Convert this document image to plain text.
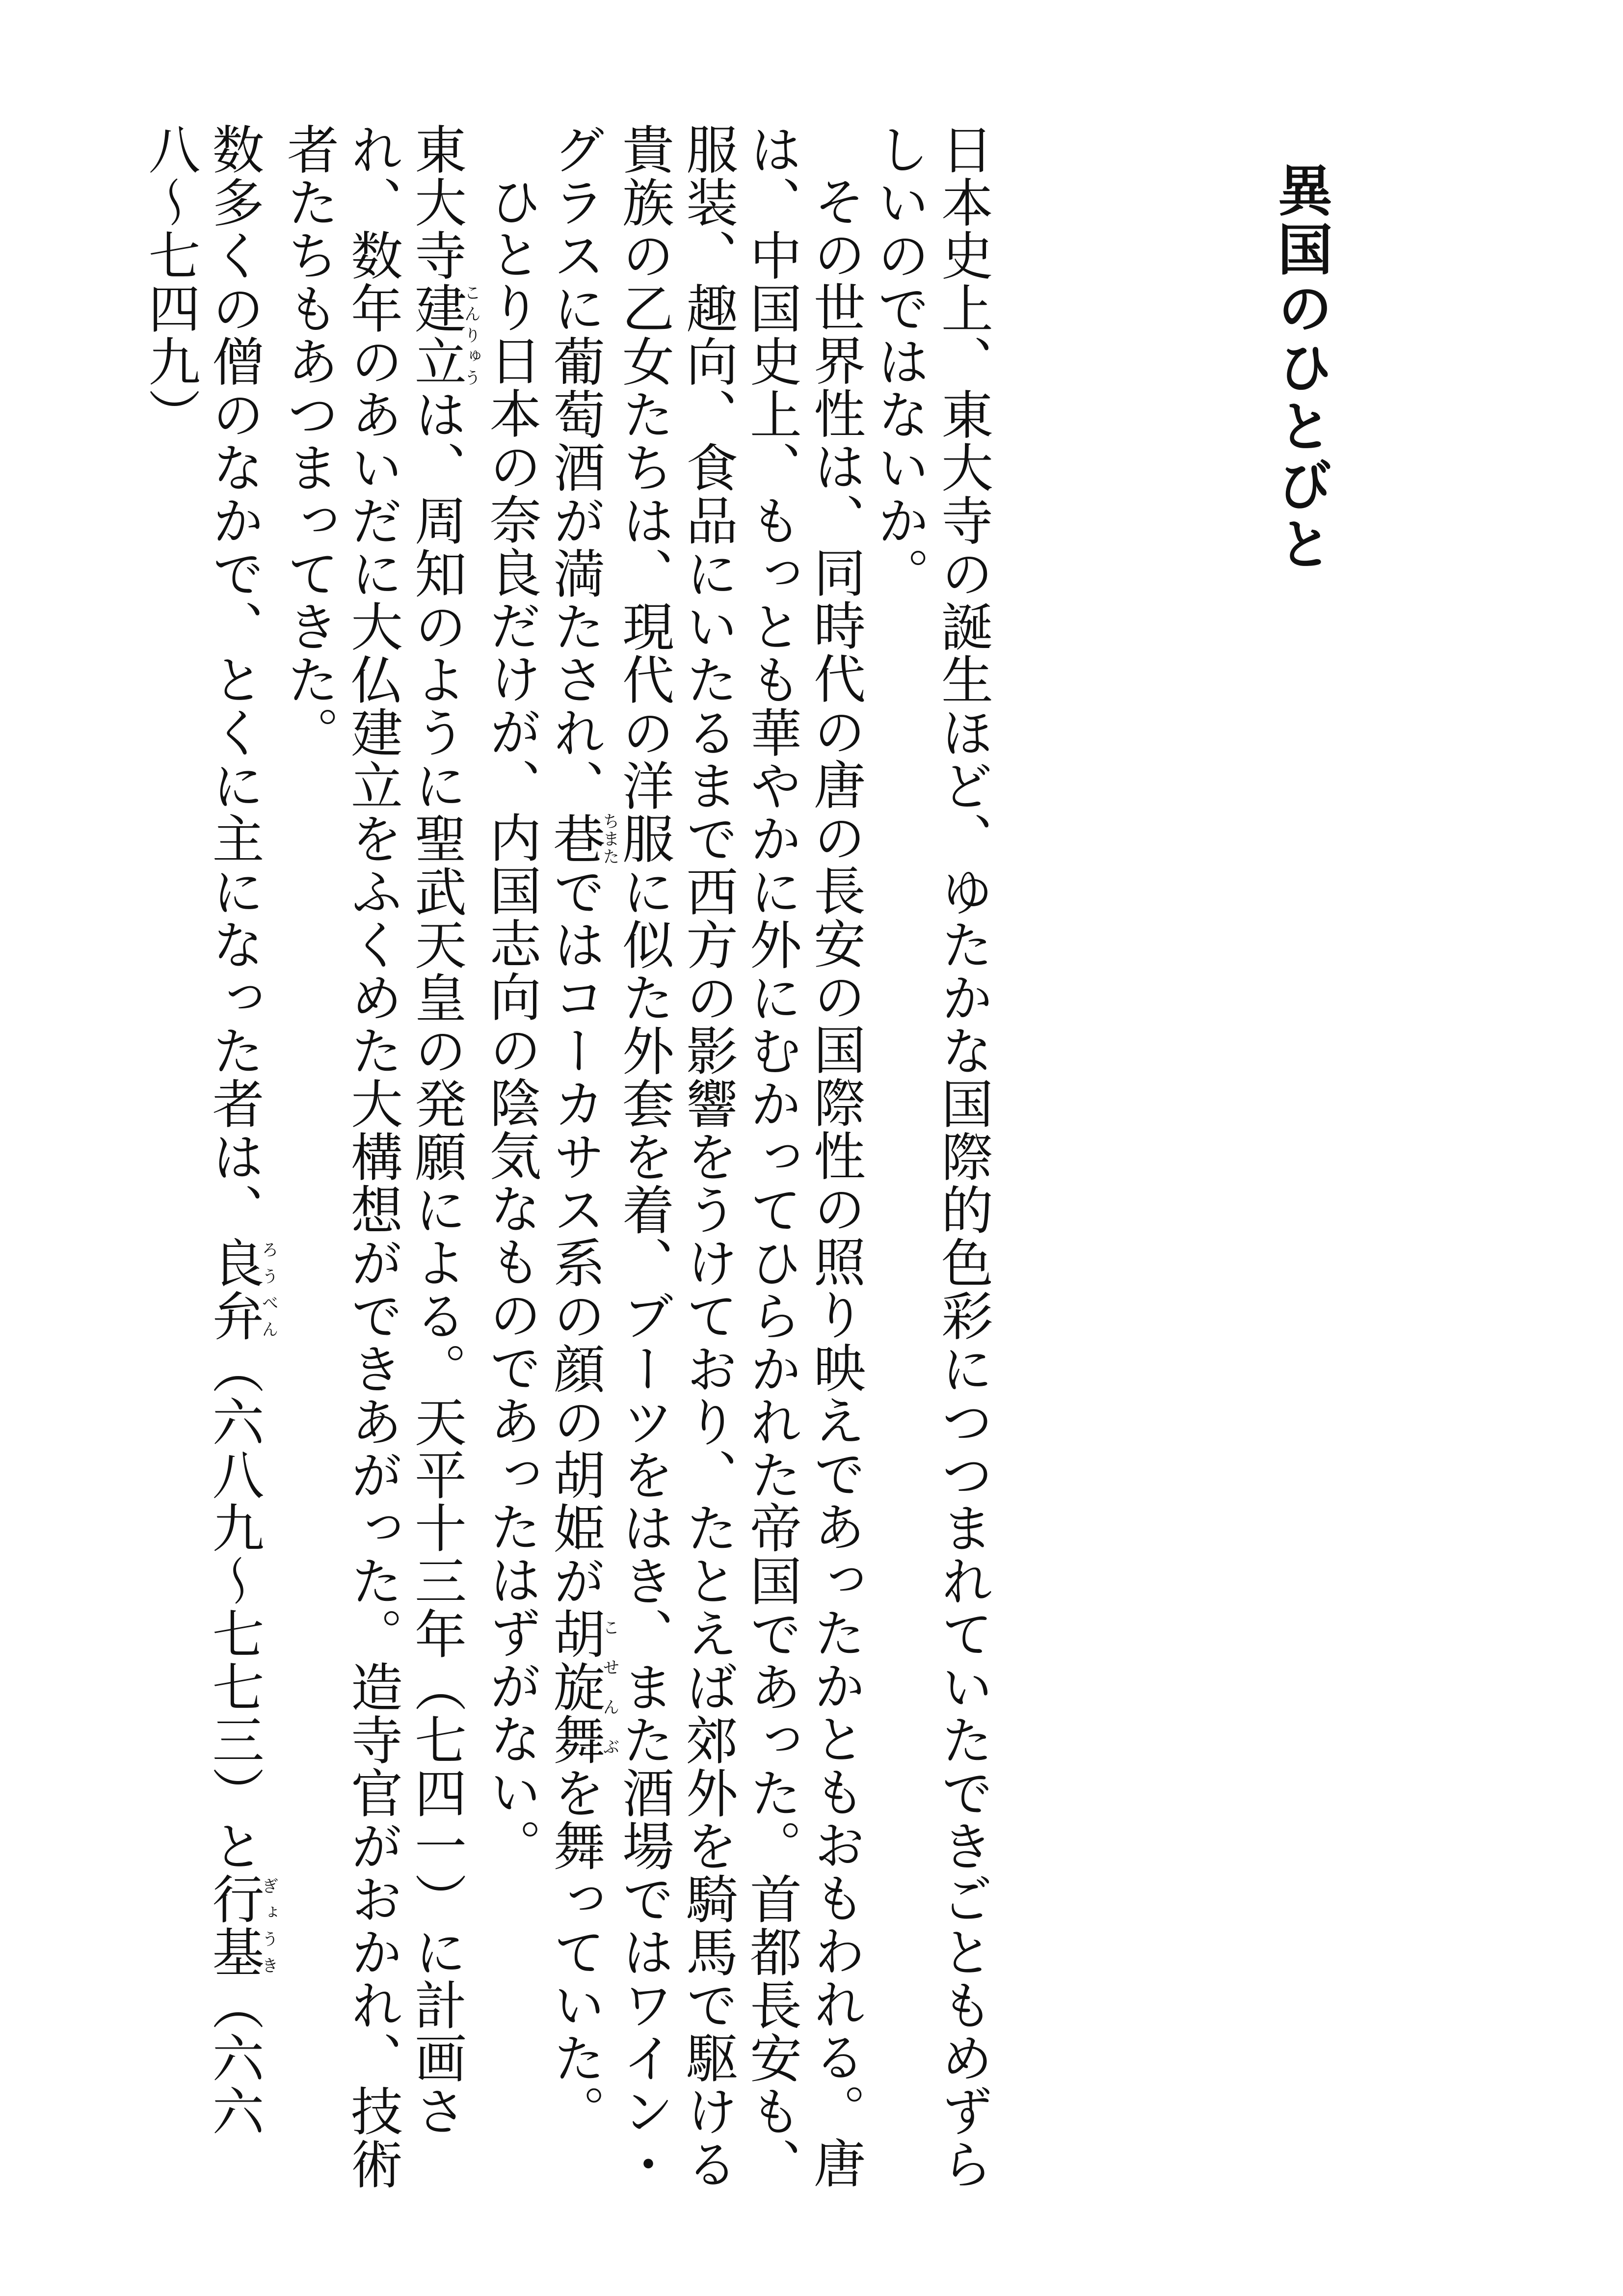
異国のひとびと

日本史上、東大寺の誕生ほど、ゆたかな国際的色彩につつまれていたできごともめずらしいのではないか。

その世界性は、同時代の唐の長安の国際性の照り映えであったかともおもわれる。唐は、中国史上、もっとも華やかに外にむかってひらかれた帝国であった。首都長安も、服装、趣向、食品にいたるまで西方の影響をうけており、たとえば郊外を騎馬で駆ける貴族の乙女たちは、現代の洋服に似た外套を着、ブーツをはき、また酒場ではワイン・グラスに葡萄酒が満たされ、巷ちまたではコーカサス系の顔の胡姫が胡旋舞こせんぶを舞っていた。

ひとり日本の奈良だけが、内国志向の陰気なものであったはずがない。

東大寺建立こんりゅうは、周知のように聖武天皇の発願による。天平十三年（七四一）に計画され、数年のあいだに大仏建立をふくめた大構想ができあがった。造寺官がおかれ、技術者たちもあつまってきた。

数多くの僧のなかで、とくに主になった者は、良弁ろうべん（六八九〜七七三）と行基ぎょうき（六六八〜七四九）
